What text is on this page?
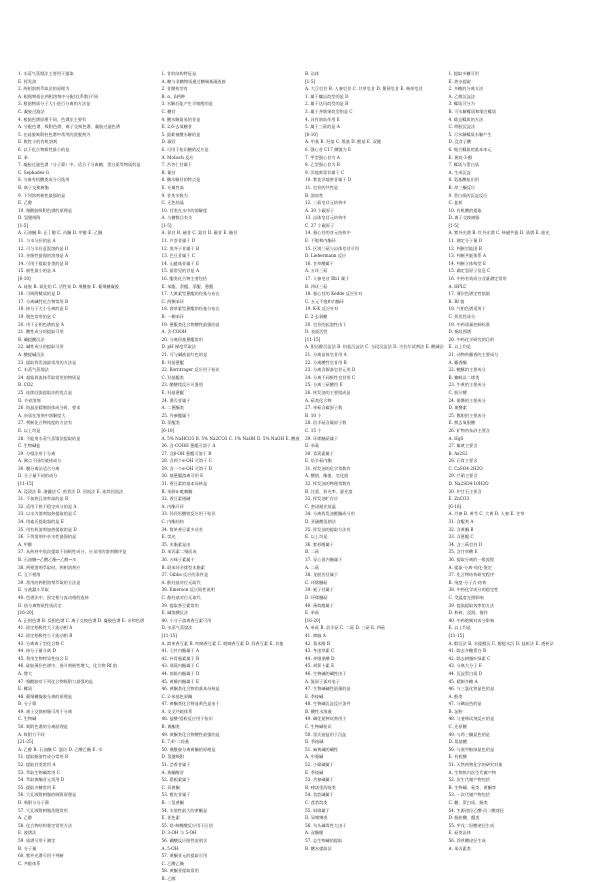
1. 水蒸气蒸馏法主要用于提取
E. 挥发油
2. 两相溶剂萃取法的原理为
A. 根据物质在两相溶剂中分配比(系数)不同
3. 根据物质分子大小进行分离的方法是
C. 凝胶过滤法
4. 根据色谱原理不同，色谱法主要有
A. 分配色谱、吸附色谱、离子交换色谱、凝胶过滤色谱
5. 在硅胶吸附柱色谱中常用的洗脱剂为
E. 极性小的有机溶剂
6. 以下化合物极性最小的是
E. 苯
7. 凝胶过滤色谱（分子筛）中，适合于分离糖、蛋白质等物质的是
C. Sephadex G
8. 分离有机酸类成分可选用
B. 离子交换树脂
9. 下列溶剂极性最强的是
E. 乙醇
10. 聚酰胺吸附色谱的原理是
D. 氢键吸附
[1-5]
A. 石油醚 B. 正丁醇 C. 丙酮 D. 甲醇 E. 乙醚
11. 与水分层的是 A
12. 可与水任意混溶的是 D
13. 亲脂性最强的溶剂是 A
14. 可用于提取苷类的是 B
15. 极性最小的是 A
[6-10]
A. 硅胶 B. 氧化铝 C. 活性炭 D. 聚酰胺 E. 葡聚糖凝胶
16. 可吸附鞣质的是 D
17. 分离碱性化合物常用 B
18. 按分子大小分离的是 E
19. 脱色常用的是 C
20. 用于正相色谱的是 A
21. 酸性成分的提取可用
B. 碱提酸沉法
22. 碱性成分的提取可用
A. 酸提碱沉法
23. 提取挥发油最常用的方法是
C. 水蒸气蒸馏法
24. 超临界流体萃取常用的物质是
B. CO2
25. 连续回流提取法的优点是
D. 节省溶剂
26. 结晶法精制固体成分时，要求
A. 杂质在溶剂中溶解度大
27. 判断化合物纯度的方法有
E. 以上均是
28. 不能用水蒸气蒸馏法提取的是
C. 生物碱盐
29. 分馏法用于分离
A. 沸点不同的液体成分
30. 膜分离法适合分离
D. 分子量不同的成分
[11-15]
A. 浸渍法 B. 渗漉法 C. 煎煮法 D. 回流法 E. 连续回流法
31. 不加热且效率高的是 B
32. 适用于热不稳定成分的是 A
33. 以水为溶剂加热提取的是 C
34. 用索氏提取器的是 E
35. 用有机溶剂加热提取的是 D
36. 下列溶剂中亲水性最强的是
A. 甲醇
37. 从药材中依次提取不同极性成分，应采用的溶剂顺序是
B. 石油醚→乙酸乙酯→乙醇→水
38. 两相溶剂萃取时，两相溶剂应
C. 互不相溶
39. 常用的两相溶剂萃取的方法是
E. 分液漏斗萃取
40. 色谱法中，固定相与流动相的选择
D. 依分离物质性质而定
[16-20]
A. 正相色谱 B. 反相色谱 C. 离子交换色谱 D. 凝胶色谱 E. 亲和色谱
41. 固定相极性大于流动相 A
42. 固定相极性小于流动相 B
43. 分离离子型化合物 C
44. 按分子量分离 D
45. 利用生物特异性结合 E
46. 硅胶薄层色谱中，展开剂极性增大，化合物 Rf 值
A. 增大
47. 聚酰胺对下列化合物吸附力最强的是
E. 鞣质
48. 葡聚糖凝胶分离的原理是
B. 分子筛
49. 离子交换树脂可用于分离
C. 生物碱
50. 吸附色谱的分离原理是
A. 吸附力不同
[21-25]
A. 乙醇 B. 石油醚 C. 氯仿 D. 乙酸乙酯 E. 水
51. 提取脂溶性成分常用 B
52. 提取苷类常用 A
53. 萃取生物碱常用 C
54. 萃取黄酮苷元常用 D
55. 提取多糖常用 E
56. 大孔吸附树脂的吸附原理是
D. 吸附与分子筛
57. 大孔吸附树脂洗脱常用
A. 乙醇
58. 化合物结构鉴定常用方法
E. 波谱法
59. 质谱可用于测定
B. 分子量
60. 紫外光谱可用于判断
C. 共轭体系
1. 苷的结构特征是
A. 糖与非糖物质通过糖端基碳连接
2. 苷键构型有
B. α、β两种
3. 水解后能产生半缩醛的是
C. 糖苷
4. 酸水解最易的苷是
E. 2,6-去氧糖苷
5. 最难被酸水解的是
D. 碳苷
6. 可用于检识糖的反应是
A. Molisch 反应
7. 苦杏仁苷属于
B. 氰苷
8. 酶水解苷的特点是
E. 专属性高
9. 苷类多数为
C. 无色结晶
10. 苷类在水中的溶解度
A. 与糖数目有关
[1-5]
A. 氧苷 B. 硫苷 C. 氮苷 D. 碳苷 E. 酯苷
11. 芦荟苷属于 D
12. 黑芥子苷属于 B
13. 巴豆苷属于 C
14. 山慈菇苷属于 E
15. 最常见的苷是 A
16. 醌类化合物主要包括
E. 苯醌、萘醌、菲醌、蒽醌
17. 大黄素型蒽醌的羟基分布在
C. 两侧苯环
18. 茜草素型蒽醌的羟基分布在
B. 一侧苯环
19. 蒽醌类化合物酸性最强的是
A. 含-COOH
20. 分离羟基蒽醌常用
D. pH 梯度萃取法
21. 可与碱液显红色的是
B. 羟基蒽醌
22. Borntrager 反应用于检识
C. 羟基醌类
23. 醋酸镁反应可鉴别
E. 羟基蒽醌
24. 番泻苷属于
A. 二蒽酮类
25. 丹参醌属于
D. 菲醌类
[6-10]
A. 5% NaHCO3 B. 5% Na2CO3 C. 1% NaOH D. 5% NaOH E. 酸液
26. 含-COOH 蒽醌可溶于 A
27. 含β-OH 蒽醌可溶于 B
28. 含两个α-OH 可溶于 C
29. 含一个α-OH 可溶于 D
30. 使蒽醌游离可用 E
31. 香豆素的基本母核是
B. 苯骈α-吡喃酮
32. 香豆素遇碱
A. 内酯开环
33. 异羟肟酸铁反应用于检识
C. 内酯结构
34. 简单香豆素多具有
E. 荧光
35. 木脂素是由
D. 苯丙素二聚而成
36. 五味子素属于
B. 联苯环辛烯型木脂素
37. Gibbs 反应的条件是
A. 酚羟基对位无取代
38. Emerson 反应阳性说明
C. 酚羟基对位无取代
39. 提取香豆素常用
E. 碱溶酸沉法
40. 小分子游离香豆素可用
D. 水蒸气蒸馏法
[11-15]
A. 简单香豆素 B. 呋喃香豆素 C. 吡喃香豆素 D. 异香豆素 E. 其他
41. 七叶内酯属于 A
42. 补骨脂素属于 B
43. 邪蒿内酯属于 C
44. 茵陈内酯属于 D
45. 黄檀内酯属于 E
46. 黄酮类化合物的基本母核是
C. 2-苯基色原酮
47. 黄酮类化合物显黄色是由于
A. 交叉共轭体系
48. 盐酸-镁粉反应用于检识
B. 黄酮类
49. 黄酮类化合物酸性最强的是
E. 7,4'-二羟基
50. 聚酰胺分离黄酮的原理是
D. 氢键吸附
51. 芸香苷属于
A. 黄酮醇苷
52. 葛根素属于
C. 异黄酮
53. 橙皮苷属于
B. 二氢黄酮
54. 水溶性最大的黄酮是
E. 花色素
55. 锆-枸橼酸反应用于区别
D. 3-OH 与 5-OH
56. 硼酸反应阳性说明含
A. 5-OH
57. 黄酮苷元的提取可用
C. 乙酸乙酯
58. 黄酮苷提取常用
B. 乙醇
B. 甾体
[1-5]
A. 大豆皂苷 B. 人参皂苷 C. 甘草皂苷 D. 薯蓣皂苷 E. 柴胡皂苷
1. 属于螺甾烷型的是 D
2. 属于达玛烷型的是 B
3. 属于齐墩果烷型的是 C
4. 具有溶血作用 E
5. 属于三萜的是 A
[6-10]
A. 甲基 B. 羟基 C. 羧基 D. 醛基 E. 双键
6. 强心苷 C17 侧链为 E
7. 甲型强心苷为 A
8. 乙型强心苷为 B
9. 洋地黄毒苷属于 C
10. 紫花洋地黄苷属于 D
11. 皂苷的共性是
B. 溶血性
12. 三萜皂苷元结构中
A. 30 个碳原子
13. 甾体皂苷元结构中
C. 27 个碳原子
14. 强心苷的苷元结构中
E. 不饱和内酯环
15. 区别三萜与甾体皂苷可用
D. Liebermann 反应
16. 甘草酸属于
A. 五环三萜
17. 人参皂苷 Rb1 属于
B. 四环三萜
18. 强心苷的 Kedde 反应针对
C. 五元不饱和内酯环
19. K-K 反应针对
E. 2-去氧糖
20. 皂苷的起泡性由于
D. 表面活性
[11-15]
A. 胆甾醇沉淀法 B. 铅盐沉淀法 C. 分段沉淀法 D. 吉拉尔试剂法 E. 酸碱法
21. 分离甾体皂苷用 A
22. 分离酸性皂苷用 B
23. 分离含羰基皂苷元用 D
24. 分离不同极性皂苷用 C
25. 分离三萜酸用 E
26. 挥发油的主要组成是
A. 萜类化合物
27. 单萜含碳原子数
B. 10 个
28. 倍半萜含碳原子数
C. 15 个
29. 环烯醚萜属于
D. 单萜
30. 青蒿素属于
E. 倍半萜内酯
31. 挥发油的化学常数有
A. 酸值、酯值、皂化值
32. 挥发油的物理常数有
B. 比重、折光率、旋光度
33. 挥发油贮存应
C. 密闭避光低温
34. 分离挥发油醛酮成分用
D. 亚硫酸氢钠法
35. 挥发油的提取方法有
E. 以上均是
36. 紫杉醇属于
B. 二萜
37. 穿心莲内酯属于
A. 二萜
38. 龙胆苦苷属于
C. 环烯醚萜
39. 栀子苷属于
D. 环烯醚萜
40. 薄荷醇属于
E. 单萜
[16-20]
A. 单萜 B. 倍半萜 C. 二萜 D. 三萜 E. 四萜
41. 樟脑 A
42. 莪术醇 B
43. 冬凌草素 C
44. 齐墩果酸 D
45. 胡萝卜素 E
46. 生物碱的碱性由于
A. 氮原子孤对电子
47. 生物碱碱性最强的是
E. 季铵碱
48. 生物碱沉淀反应条件
B. 酸性水溶液
49. 碘化铋钾试剂用于
C. 生物碱检识
50. 雷氏铵盐用于沉淀
D. 季铵碱
51. 麻黄碱的碱性
A. 中强碱
52. 小檗碱属于
E. 季铵碱
53. 苦参碱属于
B. 喹诺里西啶类
54. 莨菪碱属于
C. 莨菪烷类
55. 吗啡属于
D. 异喹啉类
56. 乌头碱毒性大由于
A. 双酯键
57. 总生物碱的提取
B. 酸水提取法
1. 提取多糖可用
E. 热水提取
2. 多糖的分离方法
A. 乙醇沉淀法
3. 鞣质可分为
B. 可水解鞣质和缩合鞣质
4. 除去鞣质的方法
C. 明胶沉淀法
5. 可水解鞣质水解产生
D. 没食子酸
6. 缩合鞣质的基本单元
E. 黄烷-3-醇
7. 鞣质与蛋白质
A. 生成沉淀
8. 氨基酸检识用
B. 茚三酮反应
9. 蛋白质的沉淀反应
C. 盐析
10. 有机酸的提取
D. 离子交换树脂
[1-5]
A. 紫外光谱 B. 红外光谱 C. 核磁共振 D. 质谱 E. 旋光
11. 测定分子量 D
12. 判断官能团 B
13. 判断共轭体系 A
14. 判断立体构型 E
15. 确定氢原子信息 C
16. 中药有效成分含量测定常用
A. HPLC
17. 薄层色谱定性依据
B. Rf 值
18. 气相色谱适用于
C. 挥发性成分
19. 中药质量控制标准
D. 指纹图谱
20. 中药化学研究的目的
E. 以上均是
21. 动物药麝香的主要成分
A. 麝香酮
22. 蟾酥的主要成分
B. 蟾蜍甾二烯类
23. 牛黄的主要成分
C. 胆汁酸
24. 斑蝥的主要成分
D. 斑蝥素
25. 熊胆的主要成分
E. 熊去氧胆酸
26. 矿物药朱砂主要含
A. HgS
27. 雄黄主要含
B. As2S2
28. 石膏主要含
C. CaSO4·2H2O
29. 芒硝主要含
D. Na2SO4·10H2O
30. 炉甘石主要含
E. ZnCO3
[6-10]
A. 丹参 B. 黄芩 C. 大黄 D. 人参 E. 甘草
31. 含醌类 A
32. 含黄酮 B
33. 含蒽醌 C
34. 含三萜皂苷 D
35. 含甘草酸 E
36. 提取分离的一般流程
A. 提取-分离-纯化-鉴定
37. 化合物结构研究程序
B. 纯度-分子式-结构
38. 中药化学成分的稳定性
C. 受温度光照影响
39. 提高提取效率的方法
D. 粉碎、浸润、搅拌
40. 中药炮制对成分影响
E. 以上均是
[11-15]
A. 醇沉法 B. 水提醇沉 C. 醇提水沉 D. 盐析法 E. 透析法
41. 除去多糖蛋白 B
42. 除去树脂叶绿素 C
43. 分离大分子 E
44. 沉淀蛋白质 D
45. 精制多糖 A
46. 与三氯化铁显色的是
A. 酚类
47. 与碘显色的是
B. 淀粉
48. 与斐林试剂反应的是
C. 还原糖
49. 与茚三酮显色的是
D. 氨基酸
50. 与溴甲酚绿显色的是
E. 有机酸
51. 天然药物化学的研究对象
A. 生物体内次生代谢产物
52. 次生代谢产物包括
B. 生物碱、萜类、黄酮等
53. 一次代谢产物包括
C. 糖、蛋白质、脂类
54. 生源途径乙酸-丙二酸途径
D. 脂肪酸、醌类
55. 甲戊二羟酸途径生成
E. 萜类甾体
56. 莽草酸途径生成
A. 苯丙素类
